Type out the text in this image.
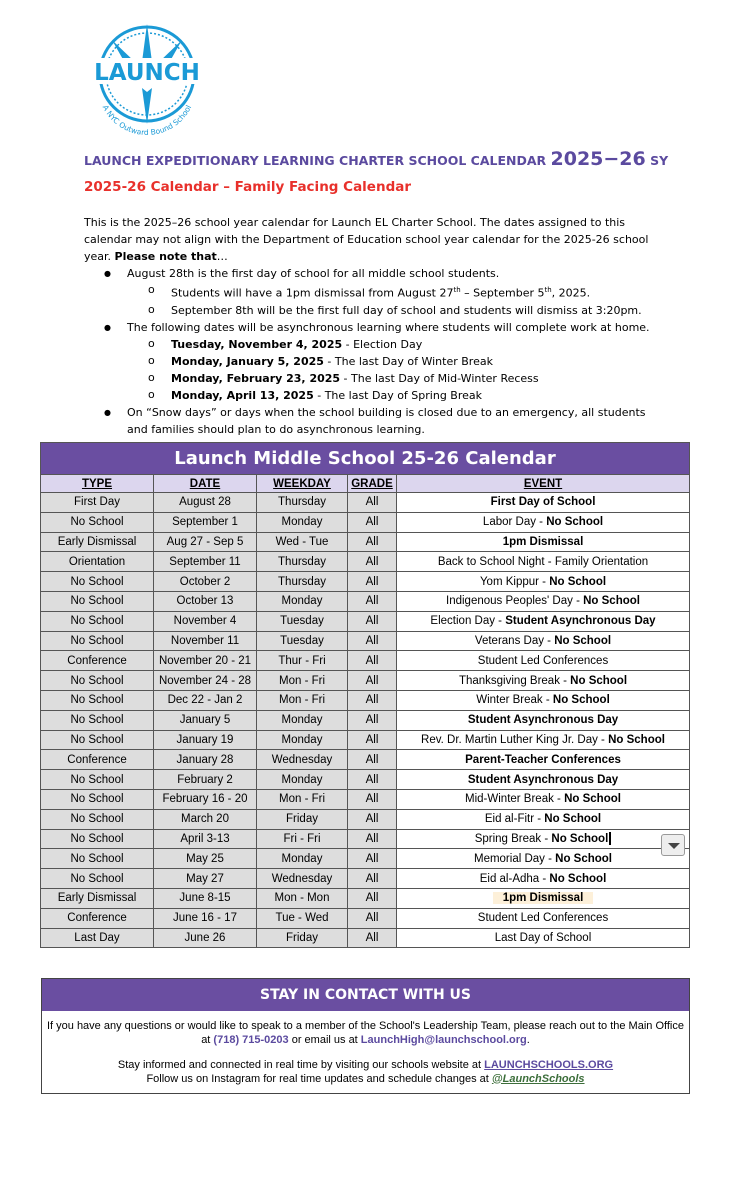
LAUNCH
A NYC Outward Bound School
LAUNCH EXPEDITIONARY LEARNING CHARTER SCHOOL CALENDAR 2025−26 SY
2025-26 Calendar – Family Facing Calendar

This is the 2025–26 school year calendar for Launch EL Charter School. The dates assigned to this calendar may not align with the Department of Education school year calendar for the 2025-26 school year. Please note that…

● August 28th is the first day of school for all middle school students.

o Students will have a 1pm dismissal from August 27th – September 5th, 2025.

o September 8th will be the first full day of school and students will dismiss at 3:20pm.

● The following dates will be asynchronous learning where students will complete work at home.

o Tuesday, November 4, 2025 - Election Day

o Monday, January 5, 2025 - The last Day of Winter Break

o Monday, February 23, 2025 - The last Day of Mid-Winter Recess

o Monday, April 13, 2025 - The last Day of Spring Break

● On “Snow days” or days when the school building is closed due to an emergency, all students and families should plan to do asynchronous learning.

Launch Middle School 25-26 Calendar				
TYPE	DATE	WEEKDAY	GRADE	EVENT
First Day	August 28	Thursday	All	First Day of School
No School	September 1	Monday	All	Labor Day - No School
Early Dismissal	Aug 27 - Sep 5	Wed - Tue	All	1pm Dismissal
Orientation	September 11	Thursday	All	Back to School Night - Family Orientation
No School	October 2	Thursday	All	Yom Kippur - No School
No School	October 13	Monday	All	Indigenous Peoples' Day - No School
No School	November 4	Tuesday	All	Election Day - Student Asynchronous Day
No School	November 11	Tuesday	All	Veterans Day - No School
Conference	November 20 - 21	Thur - Fri	All	Student Led Conferences
No School	November 24 - 28	Mon - Fri	All	Thanksgiving Break - No School
No School	Dec 22 - Jan 2	Mon - Fri	All	Winter Break - No School
No School	January 5	Monday	All	Student Asynchronous Day
No School	January 19	Monday	All	Rev. Dr. Martin Luther King Jr. Day - No School
Conference	January 28	Wednesday	All	Parent-Teacher Conferences
No School	February 2	Monday	All	Student Asynchronous Day
No School	February 16 - 20	Mon - Fri	All	Mid-Winter Break - No School
No School	March 20	Friday	All	Eid al-Fitr - No School
No School	April 3-13	Fri - Fri	All	Spring Break - No School
No School	May 25	Monday	All	Memorial Day - No School
No School	May 27	Wednesday	All	Eid al-Adha - No School
Early Dismissal	June 8-15	Mon - Mon	All	1pm Dismissal
Conference	June 16 - 17	Tue - Wed	All	Student Led Conferences
Last Day	June 26	Friday	All	Last Day of School
STAY IN CONTACT WITH US

If you have any questions or would like to speak to a member of the School's Leadership Team, please reach out to the Main Office at (718) 715-0203 or email us at LaunchHigh@launchschool.org.

Stay informed and connected in real time by visiting our schools website at LAUNCHSCHOOLS.ORG

Follow us on Instagram for real time updates and schedule changes at @LaunchSchools
